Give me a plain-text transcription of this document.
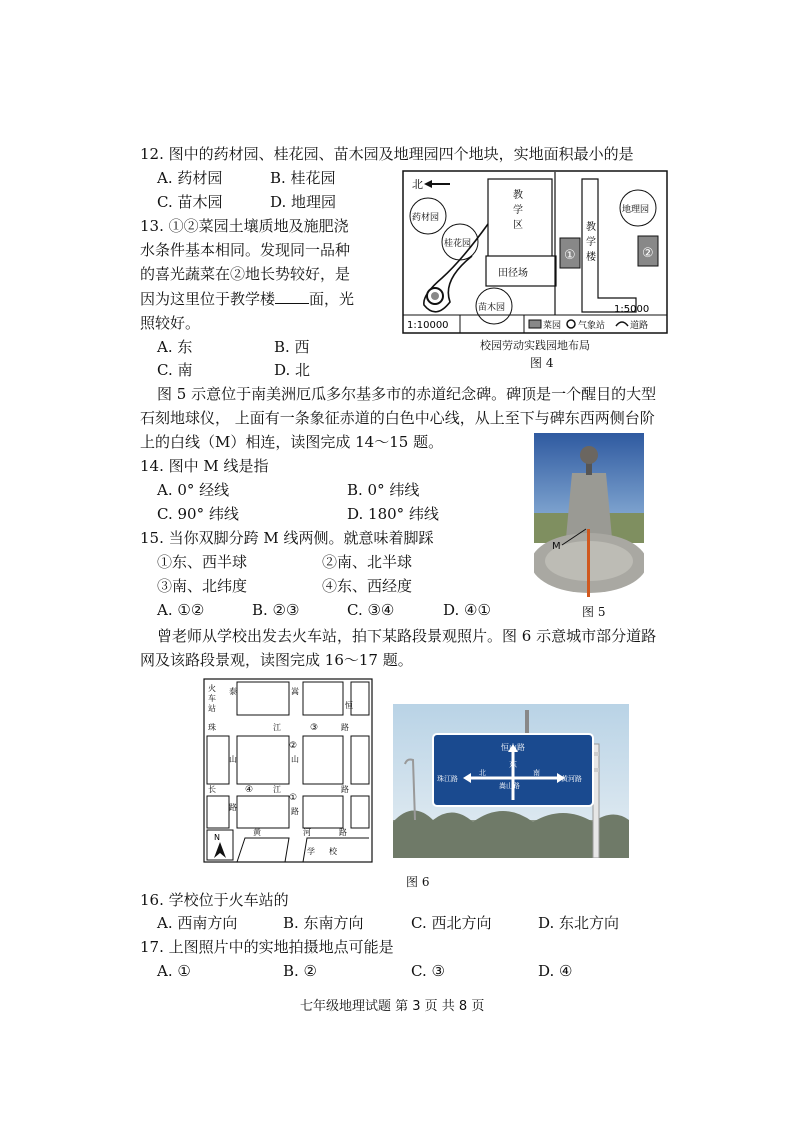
12. 图中的药材园、桂花园、苗木园及地理园四个地块，实地面积最小的是
A. 药材园	B. 桂花园
C. 苗木园	D. 地理园
13. ①②菜园土壤质地及施肥浇
水条件基本相同。发现同一品种
的喜光蔬菜在②地长势较好，是
因为这里位于教学楼 面，光
照较好。
A. 东	B. 西
C. 南	D. 北
北
教
学
区
田径场
教
学
楼
①	②
药材园
桂花园
苗木园
地理园
1:10000
1:5000
菜园 气象站	道路
校园劳动实践园地布局
图 4
图 5 示意位于南美洲厄瓜多尔基多市的赤道纪念碑。碑顶是一个醒目的大型
石刻地球仪， 上面有一条象征赤道的白色中心线，从上至下与碑东西两侧台阶
上的白线（M）相连，读图完成 14～15 题。
14. 图中 M 线是指
A. 0° 经线	B. 0° 纬线
C. 90° 纬线	D. 180° 纬线
15. 当你双脚分跨 M 线两侧。就意味着脚踩
①东、西半球	②南、北半球
③南、北纬度	④东、西经度
A. ①②	B. ②③	C. ③④	D. ④①
M
图 5
曾老师从学校出发去火车站，拍下某路段景观照片。图 6 示意城市部分道路
网及该路段景观，读图完成 16～17 题。
火
车
站
泰	嵩
恒
珠	江	③	路
山
②
山
长	④ 江	路
路
①
路
黄	河	路
学 校
N
恒山路
东
珠江路
北
嵩山路
南
黄河路
图 6
16. 学校位于火车站的
A. 西南方向	B. 东南方向	C. 西北方向	D. 东北方向
17. 上图照片中的实地拍摄地点可能是
A. ①	B. ②	C. ③	D. ④
七年级地理试题 第 3 页 共 8 页
